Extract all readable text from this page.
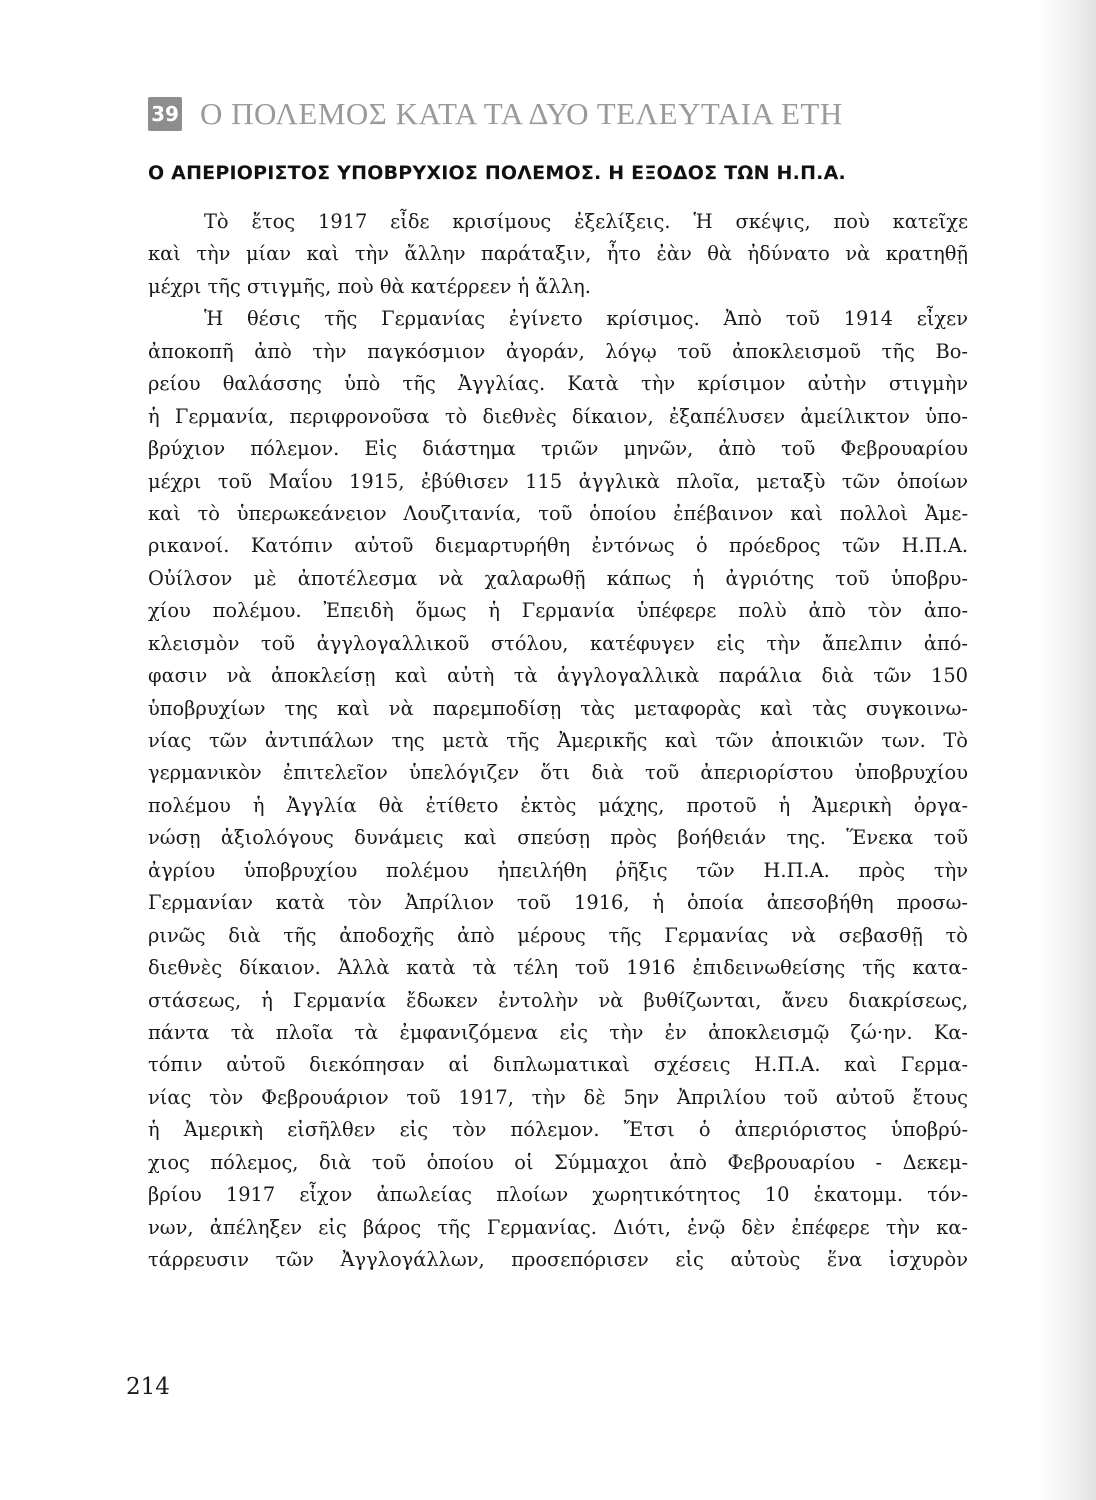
39 Ο ΠΟΛΕΜΟΣ ΚΑΤΑ ΤΑ ΔΥΟ ΤΕΛΕΥΤΑΙΑ ΕΤΗ
Ο ΑΠΕΡΙΟΡΙΣΤΟΣ ΥΠΟΒΡΥΧΙΟΣ ΠΟΛΕΜΟΣ. Η ΕΞΟΔΟΣ ΤΩΝ Η.Π.Α.
Τὸ ἔτος 1917 εἶδε κρισίμους ἐξελίξεις. Ἡ σκέψις, ποὺ κατεῖχε
καὶ τὴν μίαν καὶ τὴν ἄλλην παράταξιν, ἦτο ἐὰν θὰ ἠδύνατο νὰ κρατηθῇ
μέχρι τῆς στιγμῆς, ποὺ θὰ κατέρρεεν ἡ ἄλλη.
Ἡ θέσις τῆς Γερμανίας ἐγίνετο κρίσιμος. Ἀπὸ τοῦ 1914 εἶχεν
ἀποκοπῆ ἀπὸ τὴν παγκόσμιον ἀγοράν, λόγῳ τοῦ ἀποκλεισμοῦ τῆς Βο-
ρείου θαλάσσης ὑπὸ τῆς Ἀγγλίας. Κατὰ τὴν κρίσιμον αὐτὴν στιγμὴν
ἡ Γερμανία, περιφρονοῦσα τὸ διεθνὲς δίκαιον, ἐξαπέλυσεν ἀμείλικτον ὑπο-
βρύχιον πόλεμον. Εἰς διάστημα τριῶν μηνῶν, ἀπὸ τοῦ Φεβρουαρίου
μέχρι τοῦ Μαΐου 1915, ἐβύθισεν 115 ἀγγλικὰ πλοῖα, μεταξὺ τῶν ὁποίων
καὶ τὸ ὑπερωκεάνειον Λουζιτανία, τοῦ ὁποίου ἐπέβαινον καὶ πολλοὶ Ἀμε-
ρικανοί. Κατόπιν αὐτοῦ διεμαρτυρήθη ἐντόνως ὁ πρόεδρος τῶν Η.Π.Α.
Οὐίλσον μὲ ἀποτέλεσμα νὰ χαλαρωθῇ κάπως ἡ ἀγριότης τοῦ ὑποβρυ-
χίου πολέμου. Ἐπειδὴ ὅμως ἡ Γερμανία ὑπέφερε πολὺ ἀπὸ τὸν ἀπο-
κλεισμὸν τοῦ ἀγγλογαλλικοῦ στόλου, κατέφυγεν εἰς τὴν ἄπελπιν ἀπό-
φασιν νὰ ἀποκλείσῃ καὶ αὐτὴ τὰ ἀγγλογαλλικὰ παράλια διὰ τῶν 150
ὑποβρυχίων της καὶ νὰ παρεμποδίσῃ τὰς μεταφορὰς καὶ τὰς συγκοινω-
νίας τῶν ἀντιπάλων της μετὰ τῆς Ἀμερικῆς καὶ τῶν ἀποικιῶν των. Τὸ
γερμανικὸν ἐπιτελεῖον ὑπελόγιζεν ὅτι διὰ τοῦ ἀπεριορίστου ὑποβρυχίου
πολέμου ἡ Ἀγγλία θὰ ἐτίθετο ἐκτὸς μάχης, προτοῦ ἡ Ἀμερικὴ ὀργα-
νώσῃ ἀξιολόγους δυνάμεις καὶ σπεύσῃ πρὸς βοήθειάν της. Ἕνεκα τοῦ
ἀγρίου ὑποβρυχίου πολέμου ἠπειλήθη ῥῆξις τῶν Η.Π.Α. πρὸς τὴν
Γερμανίαν κατὰ τὸν Ἀπρίλιον τοῦ 1916, ἡ ὁποία ἀπεσοβήθη προσω-
ρινῶς διὰ τῆς ἀποδοχῆς ἀπὸ μέρους τῆς Γερμανίας νὰ σεβασθῇ τὸ
διεθνὲς δίκαιον. Ἀλλὰ κατὰ τὰ τέλη τοῦ 1916 ἐπιδεινωθείσης τῆς κατα-
στάσεως, ἡ Γερμανία ἔδωκεν ἐντολὴν νὰ βυθίζωνται, ἄνευ διακρίσεως,
πάντα τὰ πλοῖα τὰ ἐμφανιζόμενα εἰς τὴν ἐν ἀποκλεισμῷ ζώ·ην. Κα-
τόπιν αὐτοῦ διεκόπησαν αἱ διπλωματικαὶ σχέσεις Η.Π.Α. καὶ Γερμα-
νίας τὸν Φεβρουάριον τοῦ 1917, τὴν δὲ 5ην Ἀπριλίου τοῦ αὐτοῦ ἔτους
ἡ Ἀμερικὴ εἰσῆλθεν εἰς τὸν πόλεμον. Ἔτσι ὁ ἀπεριόριστος ὑποβρύ-
χιος πόλεμος, διὰ τοῦ ὁποίου οἱ Σύμμαχοι ἀπὸ Φεβρουαρίου - Δεκεμ-
βρίου 1917 εἶχον ἀπωλείας πλοίων χωρητικότητος 10 ἑκατομμ. τόν-
νων, ἀπέληξεν εἰς βάρος τῆς Γερμανίας. Διότι, ἐνῷ δὲν ἐπέφερε τὴν κα-
τάρρευσιν τῶν Ἀγγλογάλλων, προσεπόρισεν εἰς αὐτοὺς ἕνα ἰσχυρὸν
214
